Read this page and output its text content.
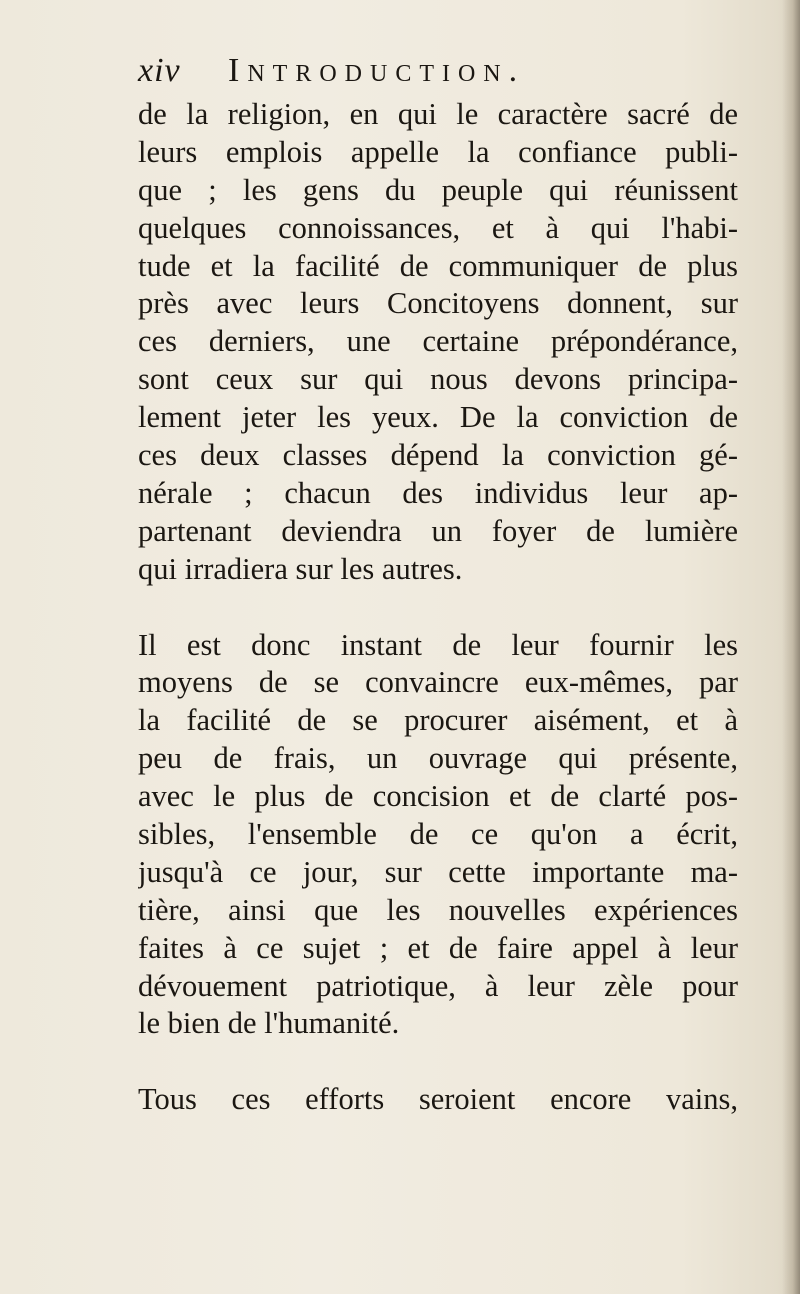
xiv Introduction.
de la religion, en qui le caractère sacré de
leurs emplois appelle la confiance publi-
que ; les gens du peuple qui réunissent
quelques connoissances, et à qui l'habi-
tude et la facilité de communiquer de plus
près avec leurs Concitoyens donnent, sur
ces derniers, une certaine prépondérance,
sont ceux sur qui nous devons principa-
lement jeter les yeux. De la conviction de
ces deux classes dépend la conviction gé-
nérale ; chacun des individus leur ap-
partenant deviendra un foyer de lumière
qui irradiera sur les autres.
Il est donc instant de leur fournir les
moyens de se convaincre eux-mêmes, par
la facilité de se procurer aisément, et à
peu de frais, un ouvrage qui présente,
avec le plus de concision et de clarté pos-
sibles, l'ensemble de ce qu'on a écrit,
jusqu'à ce jour, sur cette importante ma-
tière, ainsi que les nouvelles expériences
faites à ce sujet ; et de faire appel à leur
dévouement patriotique, à leur zèle pour
le bien de l'humanité.
Tous ces efforts seroient encore vains,
